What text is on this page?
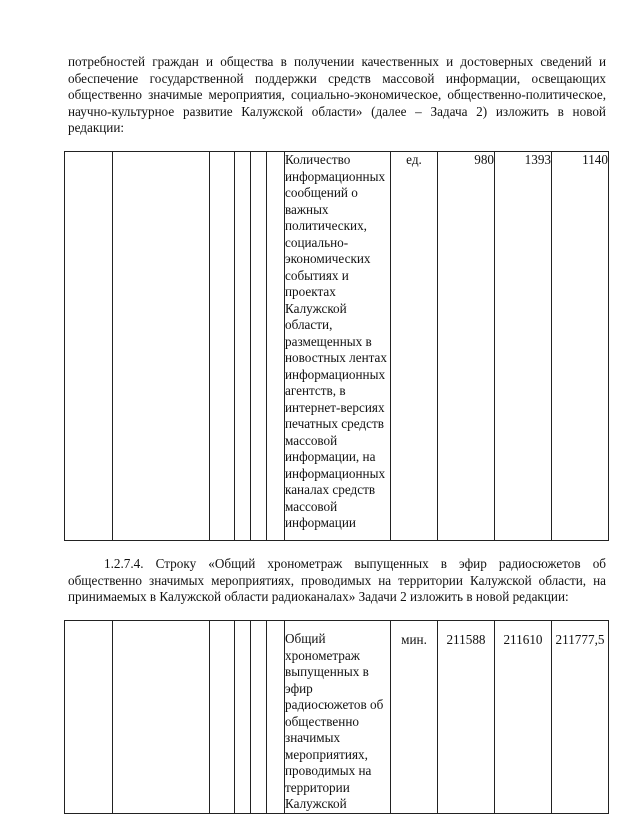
потребностей граждан и общества в получении качественных и достоверных сведений и обеспечение государственной поддержки средств массовой информации, освещающих общественно значимые мероприятия, социально-экономическое, общественно-политическое, научно-культурное развитие Калужской области» (далее – Задача 2) изложить в новой редакции:
						Количество информационных сообщений о важных политических, социально-экономических событиях и проектах Калужской области, размещенных в новостных лентах информационных агентств, в интернет-версиях печатных средств массовой информации, на информационных каналах средств массовой информации	ед.	980	1393	1140
1.2.7.4. Строку «Общий хронометраж выпущенных в эфир радиосюжетов об общественно значимых мероприятиях, проводимых на территории Калужской области, на принимаемых в Калужской области радиоканалах» Задачи 2 изложить в новой редакции:
						Общий хронометраж выпущенных в эфир радиосюжетов об общественно значимых мероприятиях, проводимых на территории Калужской	мин.	211588	211610	211777,5
